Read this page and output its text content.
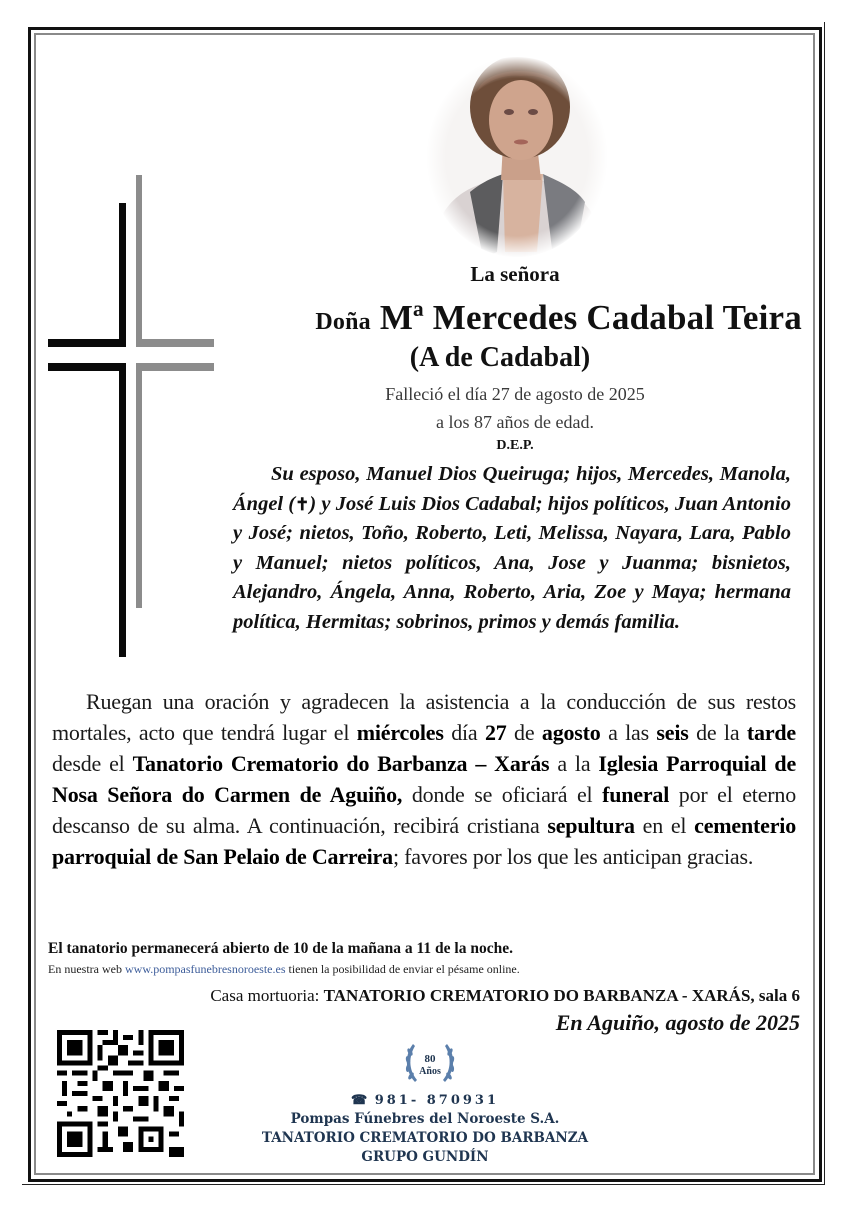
La señora
Doña Mª Mercedes Cadabal Teira
(A de Cadabal)
Falleció el día 27 de agosto de 2025
a los 87 años de edad.
D.E.P.
Su esposo, Manuel Dios Queiruga; hijos, Mercedes, Manola, Ángel (✝) y José Luis Dios Cadabal; hijos políticos, Juan Antonio y José; nietos, Toño, Roberto, Leti, Melissa, Nayara, Lara, Pablo y Manuel; nietos políticos, Ana, Jose y Juanma; bisnietos, Alejandro, Ángela, Anna, Roberto, Aria, Zoe y Maya; hermana política, Hermitas; sobrinos, primos y demás familia.
Ruegan una oración y agradecen la asistencia a la conducción de sus restos mortales, acto que tendrá lugar el miércoles día 27 de agosto a las seis de la tarde desde el Tanatorio Crematorio do Barbanza – Xarás a la Iglesia Parroquial de Nosa Señora do Carmen de Aguiño, donde se oficiará el funeral por el eterno descanso de su alma. A continuación, recibirá cristiana sepultura en el cementerio parroquial de San Pelaio de Carreira; favores por los que les anticipan gracias.
El tanatorio permanecerá abierto de 10 de la mañana a 11 de la noche.
En nuestra web www.pompasfunebresnoroeste.es tienen la posibilidad de enviar el pésame online.
Casa mortuoria: TANATORIO CREMATORIO DO BARBANZA - XARÁS, sala 6
En Aguiño, agosto de 2025
80
Años
☎ 981- 870931
Pompas Fúnebres del Noroeste S.A.
TANATORIO CREMATORIO DO BARBANZA
GRUPO GUNDÍN
